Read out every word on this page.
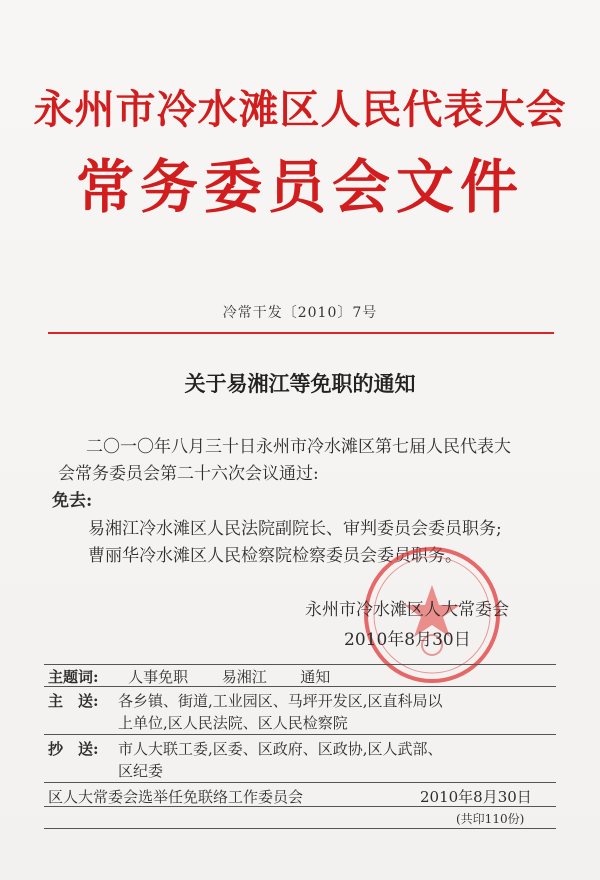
永州市冷水滩区人民代表大会
常务委员会文件
冷常干发〔2010〕7号
关于易湘江等免职的通知
二〇一〇年八月三十日永州市冷水滩区第七届人民代表大
会常务委员会第二十六次会议通过:
免去:
易湘江冷水滩区人民法院副院长、审判委员会委员职务;
曹丽华冷水滩区人民检察院检察委员会委员职务。
永州市冷水滩区人大常委会
2010年8月30日
主题词: 人事免职 易湘江 通知
主　送: 各乡镇、街道,工业园区、马坪开发区,区直科局以
上单位,区人民法院、区人民检察院
抄　送: 市人大联工委,区委、区政府、区政协,区人武部、
区纪委
区人大常委会选举任免联络工作委员会	2010年8月30日
(共印110份)
